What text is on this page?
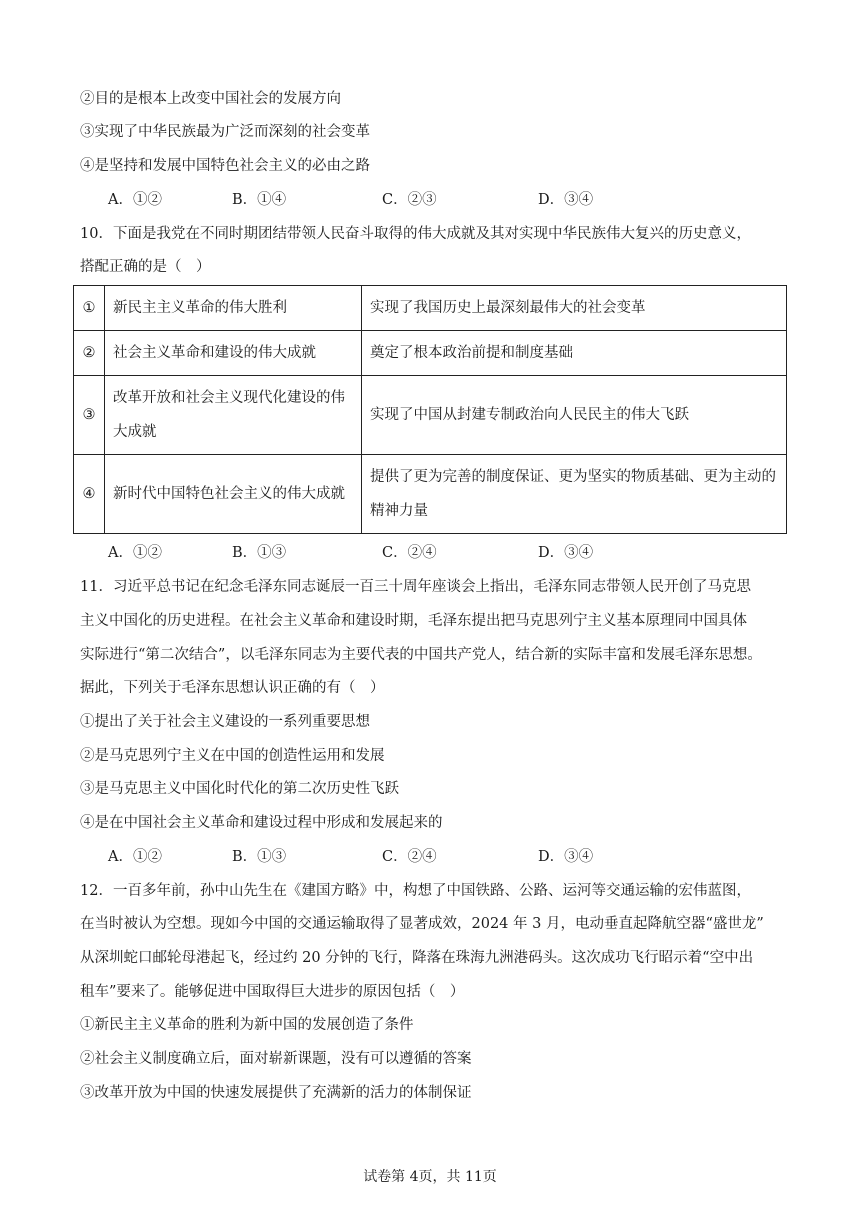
②目的是根本上改变中国社会的发展方向
③实现了中华民族最为广泛而深刻的社会变革
④是坚持和发展中国特色社会主义的必由之路
A．①②	B．①④	C．②③	D．③④
10．下面是我党在不同时期团结带领人民奋斗取得的伟大成就及其对实现中华民族伟大复兴的历史意义，
搭配正确的是（　）
①	新民主主义革命的伟大胜利	实现了我国历史上最深刻最伟大的社会变革
②	社会主义革命和建设的伟大成就	奠定了根本政治前提和制度基础
③	改革开放和社会主义现代化建设的伟大成就	实现了中国从封建专制政治向人民民主的伟大飞跃
④	新时代中国特色社会主义的伟大成就	提供了更为完善的制度保证、更为坚实的物质基础、更为主动的精神力量
A．①②	B．①③	C．②④	D．③④
11．习近平总书记在纪念毛泽东同志诞辰一百三十周年座谈会上指出，毛泽东同志带领人民开创了马克思
主义中国化的历史进程。在社会主义革命和建设时期，毛泽东提出把马克思列宁主义基本原理同中国具体
实际进行“第二次结合”，以毛泽东同志为主要代表的中国共产党人，结合新的实际丰富和发展毛泽东思想。
据此，下列关于毛泽东思想认识正确的有（　）
①提出了关于社会主义建设的一系列重要思想
②是马克思列宁主义在中国的创造性运用和发展
③是马克思主义中国化时代化的第二次历史性飞跃
④是在中国社会主义革命和建设过程中形成和发展起来的
A．①②	B．①③	C．②④	D．③④
12．一百多年前，孙中山先生在《建国方略》中，构想了中国铁路、公路、运河等交通运输的宏伟蓝图，
在当时被认为空想。现如今中国的交通运输取得了显著成效，2024 年 3 月，电动垂直起降航空器“盛世龙”
从深圳蛇口邮轮母港起飞，经过约 20 分钟的飞行，降落在珠海九洲港码头。这次成功飞行昭示着“空中出
租车”要来了。能够促进中国取得巨大进步的原因包括（　）
①新民主主义革命的胜利为新中国的发展创造了条件
②社会主义制度确立后，面对崭新课题，没有可以遵循的答案
③改革开放为中国的快速发展提供了充满新的活力的体制保证
试卷第 4页，共 11页
